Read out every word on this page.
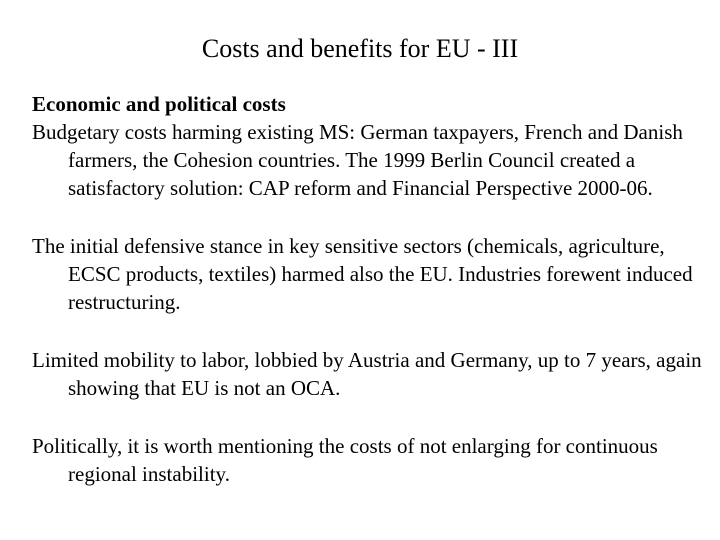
Costs and benefits for EU - III

Economic and political costs

Budgetary costs harming existing MS: German taxpayers, French and Danish farmers, the Cohesion countries. The 1999 Berlin Council created a satisfactory solution: CAP reform and Financial Perspective 2000-06.

The initial defensive stance in key sensitive sectors (chemicals, agriculture, ECSC products, textiles) harmed also the EU. Industries forewent induced restructuring.

Limited mobility to labor, lobbied by Austria and Germany, up to 7 years, again showing that EU is not an OCA.

Politically, it is worth mentioning the costs of not enlarging for continuous regional instability.
